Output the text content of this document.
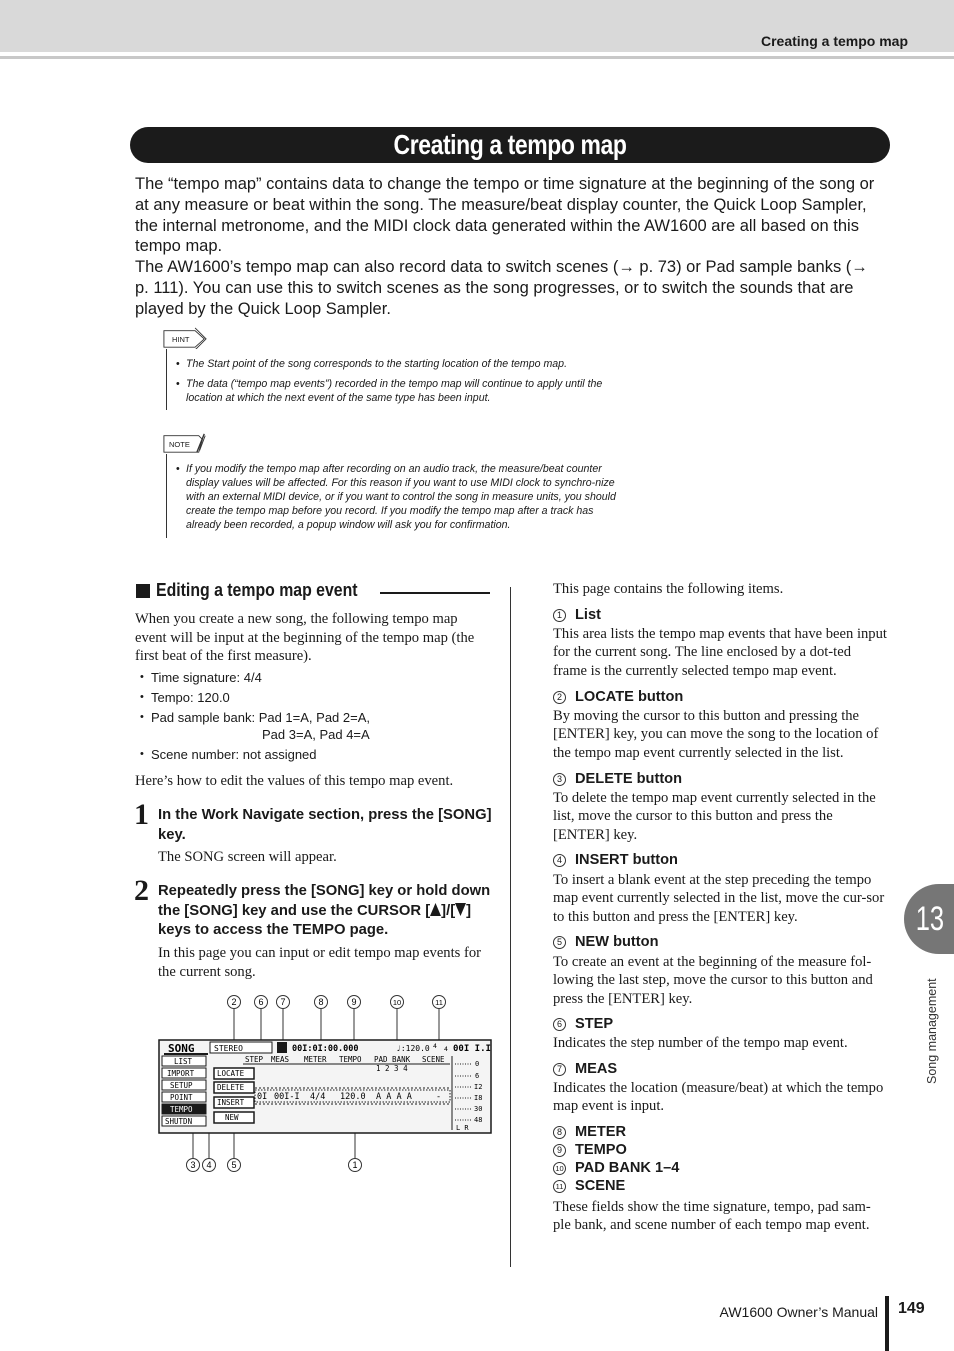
Creating a tempo map
Creating a tempo map

The “tempo map” contains data to change the tempo or time signature at the beginning of the song or at any measure or beat within the song. The measure/beat display counter, the Quick Loop Sampler, the internal metronome, and the MIDI clock data generated within the AW1600 are all based on this tempo map.

The AW1600’s tempo map can also record data to switch scenes (→ p. 73) or Pad sample banks (→ p. 111). You can use this to switch scenes as the song progresses, or to switch the sounds that are played by the Quick Loop Sampler.

HINT
• The Start point of the song corresponds to the starting location of the tempo map.
• The data (“tempo map events”) recorded in the tempo map will continue to apply until the location at which the next event of the same type has been input.
NOTE
• If you modify the tempo map after recording on an audio track, the measure/beat counter display values will be affected. For this reason if you want to use MIDI clock to synchro-nize with an external MIDI device, or if you want to control the song in measure units, you should create the tempo map before you record. If you modify the tempo map after a track has already been recorded, a popup window will ask you for confirmation.
Editing a tempo map event

When you create a new song, the following tempo map event will be input at the beginning of the tempo map (the first beat of the first measure).

• Time signature: 4/4
• Tempo: 120.0
• Pad sample bank: Pad 1=A, Pad 2=A,
Pad 3=A, Pad 4=A
• Scene number: not assigned

Here’s how to edit the values of this tempo map event.

1 In the Work Navigate section, press the [SONG] key.

The SONG screen will appear.

2 Repeatedly press the [SONG] key or hold down the [SONG] key and use the CURSOR [ ]/[ ] keys to access the TEMPO page.

In this page you can input or edit tempo map events for the current song.

2 6 7	8	9	10	11
3 4 5	1
SONG
LIST
IMPORT
SETUP
POINT
TEMPO
SHUTDN
STEREO	00I:0I:00.000	♩:120.0 4 4 00I I.I
STEP MEAS METER TEMPO PAD BANK SCENE
1 2 3 4
LOCATE
DELETE
INSERT
NEW
0I 00I-I 4/4 120.0 A A A A	-
0
6
I2
I8
30
48
L R

This page contains the following items.

1 List

This area lists the tempo map events that have been input for the current song. The line enclosed by a dot-ted frame is the currently selected tempo map event.

2 LOCATE button

By moving the cursor to this button and pressing the [ENTER] key, you can move the song to the location of the tempo map event currently selected in the list.

3 DELETE button

To delete the tempo map event currently selected in the list, move the cursor to this button and press the [ENTER] key.

4 INSERT button

To insert a blank event at the step preceding the tempo map event currently selected in the list, move the cur-sor to this button and press the [ENTER] key.

5 NEW button

To create an event at the beginning of the measure fol-lowing the last step, move the cursor to this button and press the [ENTER] key.

6 STEP

Indicates the step number of the tempo map event.

7 MEAS

Indicates the location (measure/beat) at which the tempo map event is input.

8 METER
9 TEMPO
10 PAD BANK 1–4
11 SCENE

These fields show the time signature, tempo, pad sam-ple bank, and scene number of each tempo map event.

13
Song management
AW1600 Owner’s Manual 149
